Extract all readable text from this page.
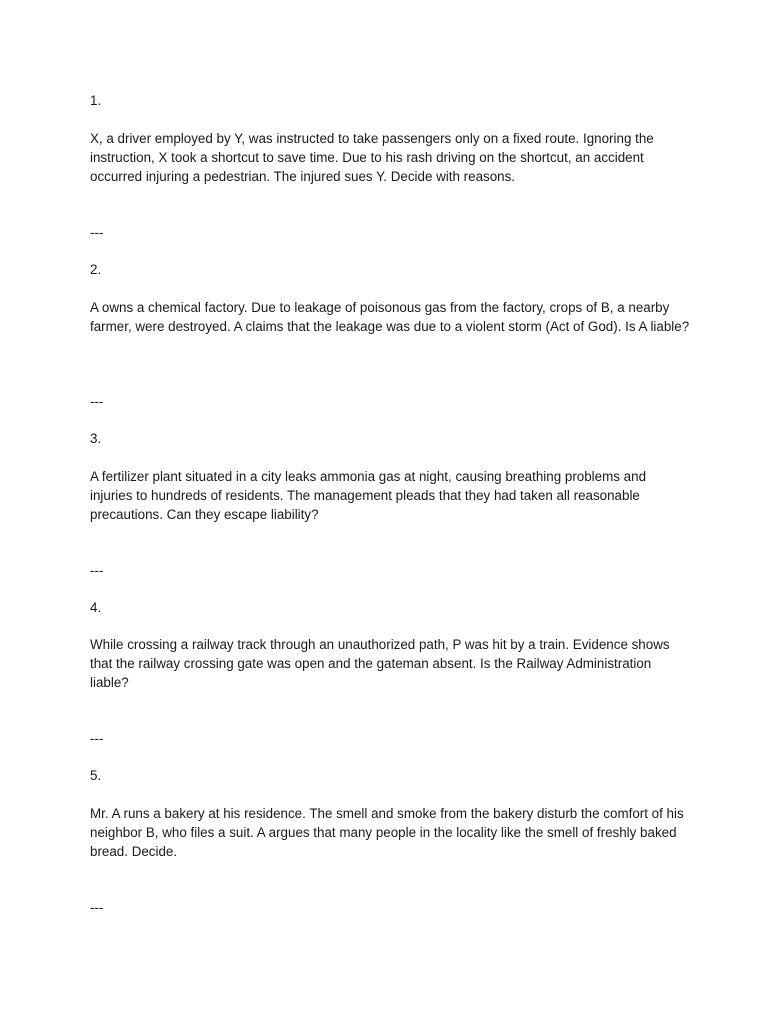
1.

X, a driver employed by Y, was instructed to take passengers only on a fixed route. Ignoring the instruction, X took a shortcut to save time. Due to his rash driving on the shortcut, an accident occurred injuring a pedestrian. The injured sues Y. Decide with reasons.

---

2.

A owns a chemical factory. Due to leakage of poisonous gas from the factory, crops of B, a nearby farmer, were destroyed. A claims that the leakage was due to a violent storm (Act of God). Is A liable?

---

3.

A fertilizer plant situated in a city leaks ammonia gas at night, causing breathing problems and injuries to hundreds of residents. The management pleads that they had taken all reasonable precautions. Can they escape liability?

---

4.

While crossing a railway track through an unauthorized path, P was hit by a train. Evidence shows that the railway crossing gate was open and the gateman absent. Is the Railway Administration liable?

---

5.

Mr. A runs a bakery at his residence. The smell and smoke from the bakery disturb the comfort of his neighbor B, who files a suit. A argues that many people in the locality like the smell of freshly baked bread. Decide.

---
